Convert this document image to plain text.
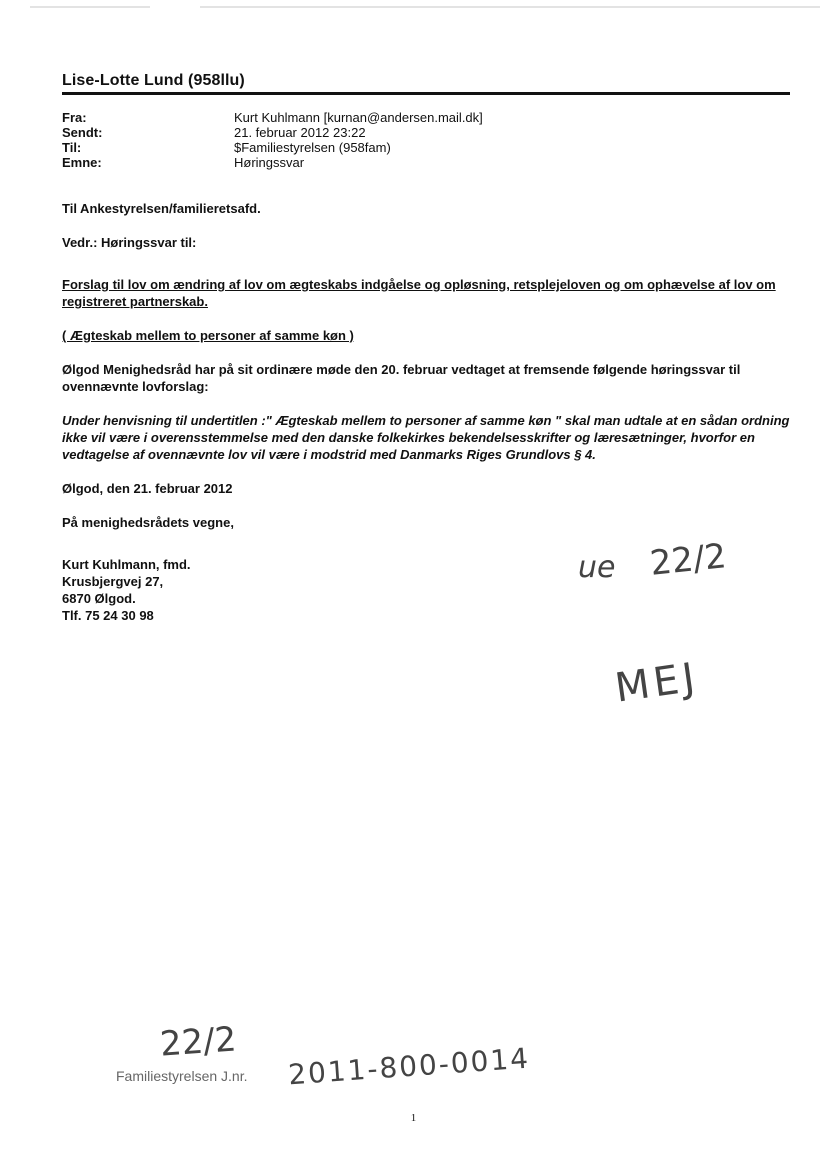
Lise-Lotte Lund (958llu)
Fra:	Kurt Kuhlmann [kurnan@andersen.mail.dk]
Sendt:	21. februar 2012 23:22
Til:	$Familiestyrelsen (958fam)
Emne:	Høringssvar

Til Ankestyrelsen/familieretsafd.

Vedr.: Høringssvar til:

Forslag til lov om ændring af lov om ægteskabs indgåelse og opløsning, retsplejeloven og om ophævelse af lov om registreret partnerskab.

( Ægteskab mellem to personer af samme køn )

Ølgod Menighedsråd har på sit ordinære møde den 20. februar vedtaget at fremsende følgende høringssvar til ovennævnte lovforslag:

Under henvisning til undertitlen :" Ægteskab mellem to personer af samme køn " skal man udtale at en sådan ordning ikke vil være i overensstemmelse med den danske folkekirkes bekendelsesskrifter og læresætninger, hvorfor en vedtagelse af ovennævnte lov vil være i modstrid med Danmarks Riges Grundlovs § 4.

Ølgod, den 21. februar 2012

På menighedsrådets vegne,

Kurt Kuhlmann, fmd.

Krusbjergvej 27,

6870 Ølgod.

Tlf. 75 24 30 98

ue 22/2
MEJ
22/2
Familiestyrelsen J.nr. 2011-800-0014
1
